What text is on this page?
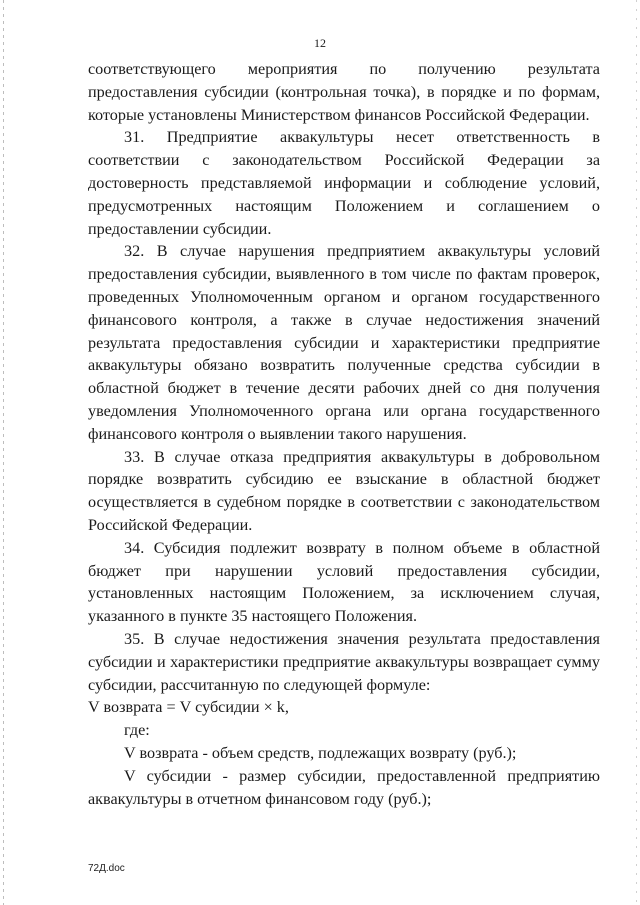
12

соответствующего мероприятия по получению результата предоставления субсидии (контрольная точка), в порядке и по формам, которые установлены Министерством финансов Российской Федерации.

31. Предприятие аквакультуры несет ответственность в соответствии с законодательством Российской Федерации за достоверность представляемой информации и соблюдение условий, предусмотренных настоящим Положением и соглашением о предоставлении субсидии.

32. В случае нарушения предприятием аквакультуры условий предоставления субсидии, выявленного в том числе по фактам проверок, проведенных Уполномоченным органом и органом государственного финансового контроля, а также в случае недостижения значений результата предоставления субсидии и характеристики предприятие аквакультуры обязано возвратить полученные средства субсидии в областной бюджет в течение десяти рабочих дней со дня получения уведомления Уполномоченного органа или органа государственного финансового контроля о выявлении такого нарушения.

33. В случае отказа предприятия аквакультуры в добровольном порядке возвратить субсидию ее взыскание в областной бюджет осуществляется в судебном порядке в соответствии с законодательством Российской Федерации.

34. Субсидия подлежит возврату в полном объеме в областной бюджет при нарушении условий предоставления субсидии, установленных настоящим Положением, за исключением случая, указанного в пункте 35 настоящего Положения.

35. В случае недостижения значения результата предоставления субсидии и характеристики предприятие аквакультуры возвращает сумму субсидии, рассчитанную по следующей формуле:

V возврата = V субсидии × k,

где:

V возврата - объем средств, подлежащих возврату (руб.);

V субсидии - размер субсидии, предоставленной предприятию аквакультуры в отчетном финансовом году (руб.);

72Д.doc
